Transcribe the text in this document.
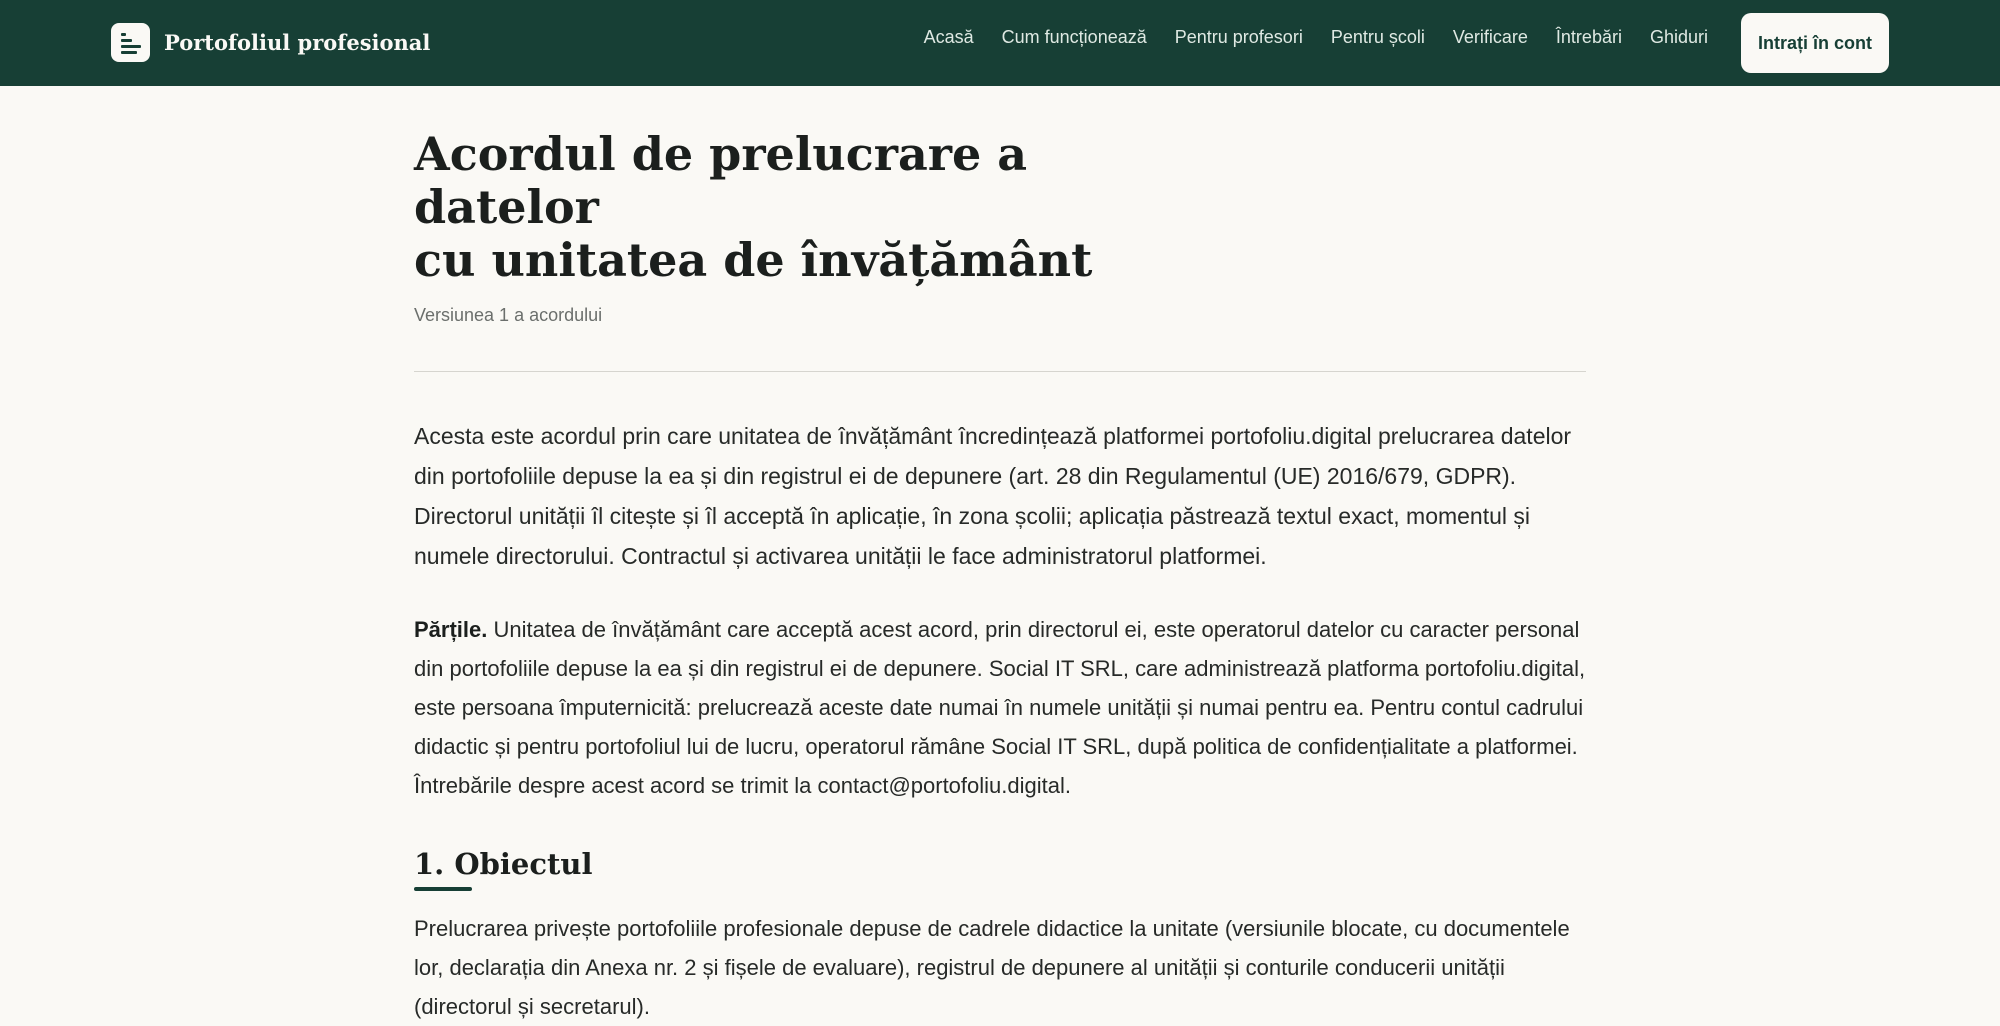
Portofoliul profesional	Acasă Cum funcționează Pentru profesori Pentru școli Verificare Întrebări Ghiduri	Intrați în cont
Acordul de prelucrare a datelor
cu unitatea de învățământ

Versiunea 1 a acordului

Acesta este acordul prin care unitatea de învățământ încredințează platformei portofoliu.digital prelucrarea datelor din portofoliile depuse la ea și din registrul ei de depunere (art. 28 din Regulamentul (UE) 2016/679, GDPR). Directorul unității îl citește și îl acceptă în aplicație, în zona școlii; aplicația păstrează textul exact, momentul și numele directorului. Contractul și activarea unității le face administratorul platformei.

Părțile. Unitatea de învățământ care acceptă acest acord, prin directorul ei, este operatorul datelor cu caracter personal din portofoliile depuse la ea și din registrul ei de depunere. Social IT SRL, care administrează platforma portofoliu.digital, este persoana împuternicită: prelucrează aceste date numai în numele unității și numai pentru ea. Pentru contul cadrului didactic și pentru portofoliul lui de lucru, operatorul rămâne Social IT SRL, după politica de confidențialitate a platformei. Întrebările despre acest acord se trimit la contact@portofoliu.digital.

1. Obiectul

Prelucrarea privește portofoliile profesionale depuse de cadrele didactice la unitate (versiunile blocate, cu documentele lor, declarația din Anexa nr. 2 și fișele de evaluare), registrul de depunere al unității și conturile conducerii unității (directorul și secretarul).
